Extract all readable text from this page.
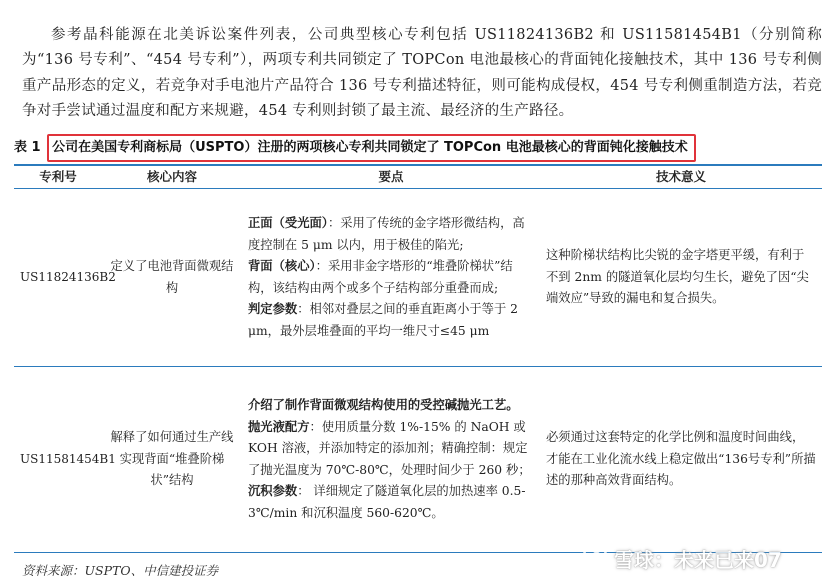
参考晶科能源在北美诉讼案件列表，公司典型核心专利包括 US11824136B2 和 US11581454B1（分别简称为“136 号专利”、“454 号专利”），两项专利共同锁定了 TOPCon 电池最核心的背面钝化接触技术，其中 136 号专利侧重产品形态的定义，若竞争对手电池片产品符合 136 号专利描述特征，则可能构成侵权，454 号专利侧重制造方法，若竞争对手尝试通过温度和配方来规避，454 专利则封锁了最主流、最经济的生产路径。

表 1 公司在美国专利商标局（USPTO）注册的两项核心专利共同锁定了 TOPCon 电池最核心的背面钝化接触技术
专利号	核心内容	要点	技术意义
US11824136B2	定义了电池背面微观结构	正面（受光面）：采用了传统的金字塔形微结构，高度控制在 5 μm 以内，用于极佳的陷光;
背面（核心）：采用非金字塔形的“堆叠阶梯状”结构，该结构由两个或多个子结构部分重叠而成;
判定参数：相邻对叠层之间的垂直距离小于等于 2 μm，最外层堆叠面的平均一维尺寸≤45 μm	这种阶梯状结构比尖锐的金字塔更平缓，有利于不到 2nm 的隧道氧化层均匀生长，避免了因“尖端效应”导致的漏电和复合损失。
US11581454B1	解释了如何通过生产线实现背面“堆叠阶梯状”结构	介绍了制作背面微观结构使用的受控碱抛光工艺。
抛光液配方：使用质量分数 1%-15% 的 NaOH 或 KOH 溶液，并添加特定的添加剂；精确控制：规定了抛光温度为 70℃-80℃，处理时间少于 260 秒；沉积参数： 详细规定了隧道氧化层的加热速率 0.5-3℃/min 和沉积温度 560-620℃。	必须通过这套特定的化学比例和温度时间曲线，才能在工业化流水线上稳定做出“136号专利”所描述的那种高效背面结构。
资料来源：USPTO、中信建投证券	雪球：未来已来07
